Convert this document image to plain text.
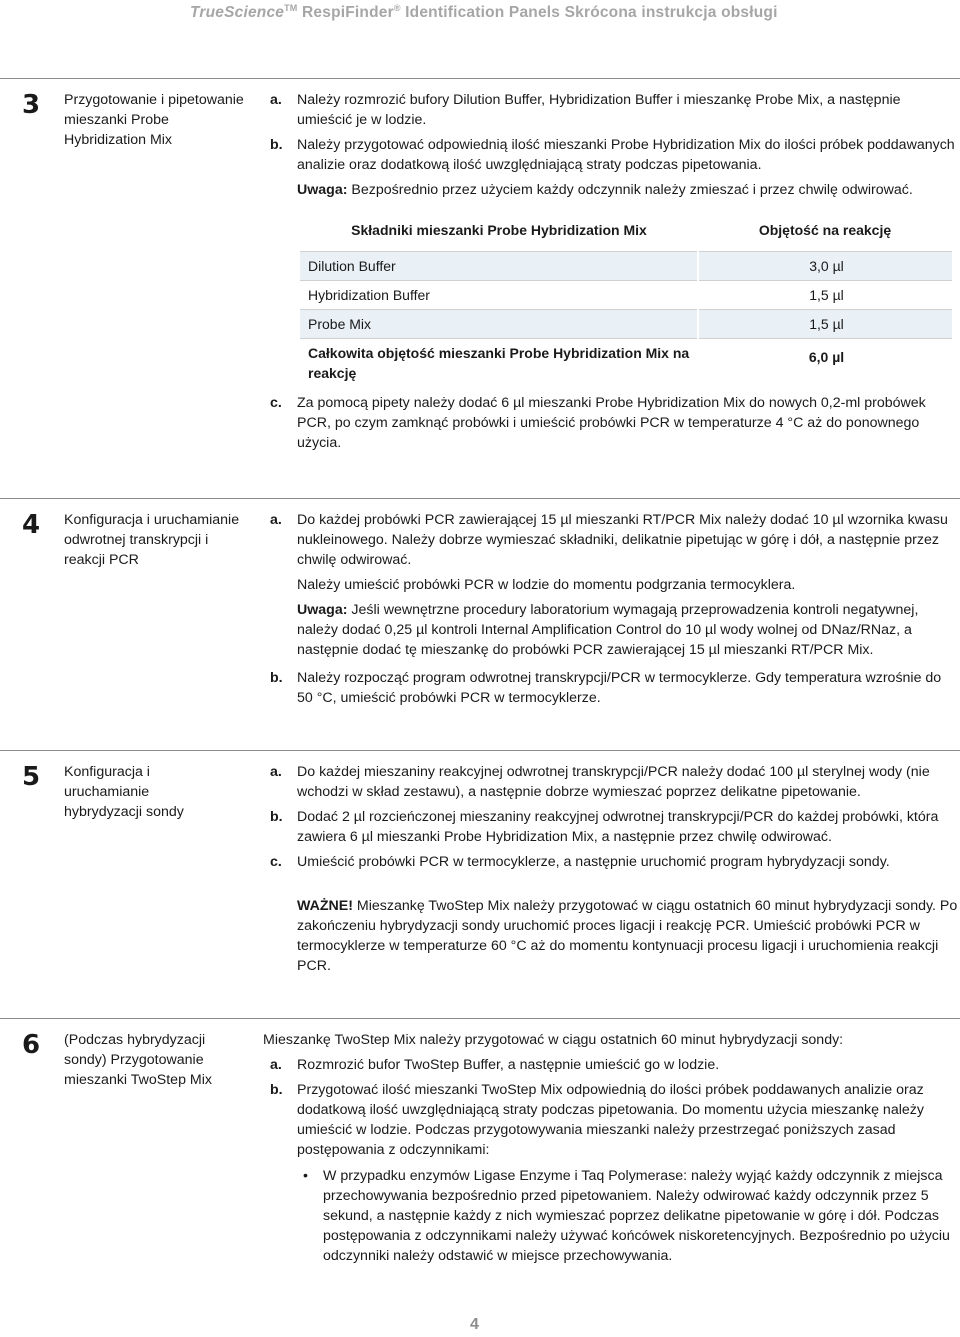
TrueScience™ RespiFinder® Identification Panels Skrócona instrukcja obsługi
3 Przygotowanie i pipetowanie mieszanki Probe Hybridization Mix
a. Należy rozmrozić bufory Dilution Buffer, Hybridization Buffer i mieszankę Probe Mix, a następnie umieścić je w lodzie.
b. Należy przygotować odpowiednią ilość mieszanki Probe Hybridization Mix do ilości próbek poddawanych analizie oraz dodatkową ilość uwzględniającą straty podczas pipetowania.
Uwaga: Bezpośrednio przez użyciem każdy odczynnik należy zmieszać i przez chwilę odwirować.
Składniki mieszanki Probe Hybridization Mix	Objętość na reakcję
Dilution Buffer	3,0 µl
Hybridization Buffer	1,5 µl
Probe Mix	1,5 µl
Całkowita objętość mieszanki Probe Hybridization Mix na reakcję	6,0 µl
c. Za pomocą pipety należy dodać 6 µl mieszanki Probe Hybridization Mix do nowych 0,2-ml probówek PCR, po czym zamknąć probówki i umieścić probówki PCR w temperaturze 4 °C aż do ponownego użycia.
4 Konfiguracja i uruchamianie odwrotnej transkrypcji i reakcji PCR
a. Do każdej probówki PCR zawierającej 15 µl mieszanki RT/PCR Mix należy dodać 10 µl wzornika kwasu nukleinowego. Należy dobrze wymieszać składniki, delikatnie pipetując w górę i dół, a następnie przez chwilę odwirować.
Należy umieścić probówki PCR w lodzie do momentu podgrzania termocyklera.
Uwaga: Jeśli wewnętrzne procedury laboratorium wymagają przeprowadzenia kontroli negatywnej, należy dodać 0,25 µl kontroli Internal Amplification Control do 10 µl wody wolnej od DNaz/RNaz, a następnie dodać tę mieszankę do probówki PCR zawierającej 15 µl mieszanki RT/PCR Mix.
b. Należy rozpocząć program odwrotnej transkrypcji/PCR w termocyklerze. Gdy temperatura wzrośnie do 50 °C, umieścić probówki PCR w termocyklerze.
5 Konfiguracja i uruchamianie hybrydyzacji sondy
a. Do każdej mieszaniny reakcyjnej odwrotnej transkrypcji/PCR należy dodać 100 µl sterylnej wody (nie wchodzi w skład zestawu), a następnie dobrze wymieszać poprzez delikatne pipetowanie.
b. Dodać 2 µl rozcieńczonej mieszaniny reakcyjnej odwrotnej transkrypcji/PCR do każdej probówki, która zawiera 6 µl mieszanki Probe Hybridization Mix, a następnie przez chwilę odwirować.
c. Umieścić probówki PCR w termocyklerze, a następnie uruchomić program hybrydyzacji sondy.
WAŻNE! Mieszankę TwoStep Mix należy przygotować w ciągu ostatnich 60 minut hybrydyzacji sondy. Po zakończeniu hybrydyzacji sondy uruchomić proces ligacji i reakcję PCR. Umieścić probówki PCR w termocyklerze w temperaturze 60 °C aż do momentu kontynuacji procesu ligacji i uruchomienia reakcji PCR.
6 (Podczas hybrydyzacji sondy) Przygotowanie mieszanki TwoStep Mix
Mieszankę TwoStep Mix należy przygotować w ciągu ostatnich 60 minut hybrydyzacji sondy:
a. Rozmrozić bufor TwoStep Buffer, a następnie umieścić go w lodzie.
b. Przygotować ilość mieszanki TwoStep Mix odpowiednią do ilości próbek poddawanych analizie oraz dodatkową ilość uwzględniającą straty podczas pipetowania. Do momentu użycia mieszankę należy umieścić w lodzie. Podczas przygotowywania mieszanki należy przestrzegać poniższych zasad postępowania z odczynnikami:
• W przypadku enzymów Ligase Enzyme i Taq Polymerase: należy wyjąć każdy odczynnik z miejsca przechowywania bezpośrednio przed pipetowaniem. Należy odwirować każdy odczynnik przez 5 sekund, a następnie każdy z nich wymieszać poprzez delikatne pipetowanie w górę i dół. Podczas postępowania z odczynnikami należy używać końcówek niskoretencyjnych. Bezpośrednio po użyciu odczynniki należy odstawić w miejsce przechowywania.
4
